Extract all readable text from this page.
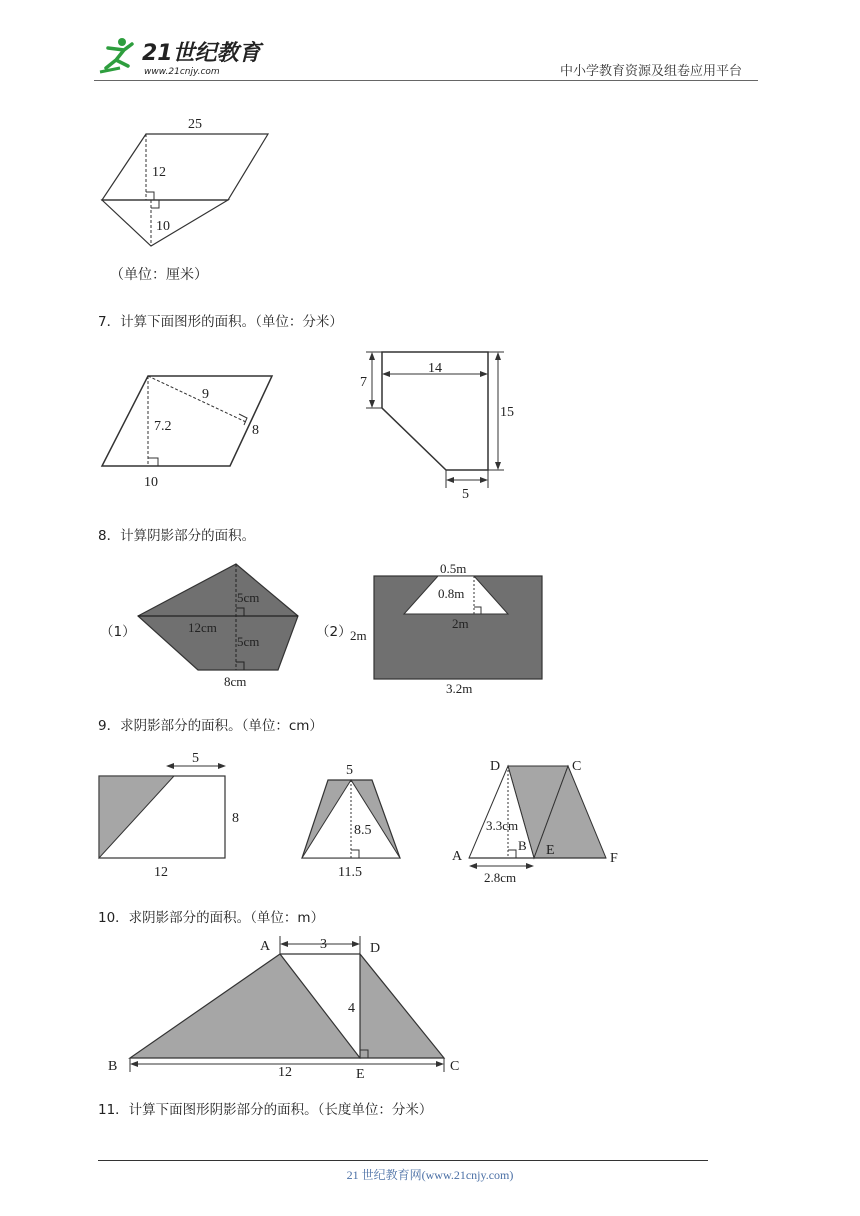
21世纪教育
www.21cnjy.com	中小学教育资源及组卷应用平台
25
12
10
（单位：厘米）
7．计算下面图形的面积。（单位：分米）
9
7.2	8
10
7
14
15
5
8．计算阴影部分的面积。
（1）
5cm
12cm
5cm
8cm
（2）
0.5m
0.8m
2m
2m
3.2m
9．求阴影部分的面积。（单位：cm）
5
8
12
5
8.5
11.5
D	C
A
B E
F
3.3cm
2.8cm
10．求阴影部分的面积。（单位：m）
A	D
B	C
E
3
4
12
11．计算下面图形阴影部分的面积。（长度单位：分米）
21 世纪教育网(www.21cnjy.com)
